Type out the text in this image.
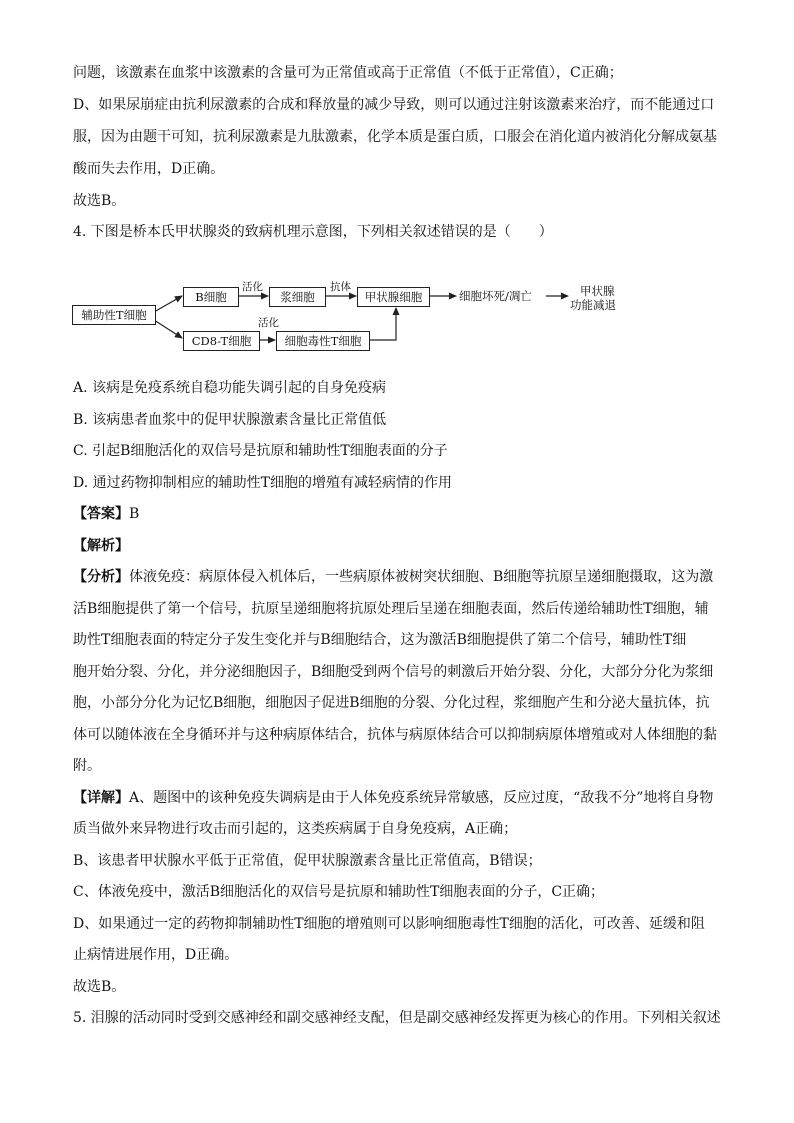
问题，该激素在血浆中该激素的含量可为正常值或高于正常值（不低于正常值），C正确；
D、如果尿崩症由抗利尿激素的合成和释放量的减少导致，则可以通过注射该激素来治疗，而不能通过口
服，因为由题干可知，抗利尿激素是九肽激素，化学本质是蛋白质，口服会在消化道内被消化分解成氨基
酸而失去作用，D正确。
故选B。
4. 下图是桥本氏甲状腺炎的致病机理示意图，下列相关叙述错误的是（　　）
辅助性T细胞
B细胞	浆细胞	甲状腺细胞
CD8-T细胞	细胞毒性T细胞
活化	抗体
活化
细胞坏死/凋亡	甲状腺
功能减退
A. 该病是免疫系统自稳功能失调引起的自身免疫病
B. 该病患者血浆中的促甲状腺激素含量比正常值低
C. 引起B细胞活化的双信号是抗原和辅助性T细胞表面的分子
D. 通过药物抑制相应的辅助性T细胞的增殖有减轻病情的作用
【答案】B
【解析】
【分析】体液免疫：病原体侵入机体后，一些病原体被树突状细胞、B细胞等抗原呈递细胞摄取，这为激
活B细胞提供了第一个信号，抗原呈递细胞将抗原处理后呈递在细胞表面，然后传递给辅助性T细胞，辅
助性T细胞表面的特定分子发生变化并与B细胞结合，这为激活B细胞提供了第二个信号，辅助性T细
胞开始分裂、分化，并分泌细胞因子，B细胞受到两个信号的刺激后开始分裂、分化，大部分分化为浆细
胞，小部分分化为记忆B细胞，细胞因子促进B细胞的分裂、分化过程，浆细胞产生和分泌大量抗体，抗
体可以随体液在全身循环并与这种病原体结合，抗体与病原体结合可以抑制病原体增殖或对人体细胞的黏
附。
【详解】A、题图中的该种免疫失调病是由于人体免疫系统异常敏感，反应过度，“敌我不分”地将自身物
质当做外来异物进行攻击而引起的，这类疾病属于自身免疫病，A正确；
B、该患者甲状腺水平低于正常值，促甲状腺激素含量比正常值高，B错误；
C、体液免疫中，激活B细胞活化的双信号是抗原和辅助性T细胞表面的分子，C正确；
D、如果通过一定的药物抑制辅助性T细胞的增殖则可以影响细胞毒性T细胞的活化，可改善、延缓和阻
止病情进展作用，D正确。
故选B。
5. 泪腺的活动同时受到交感神经和副交感神经支配，但是副交感神经发挥更为核心的作用。下列相关叙述
